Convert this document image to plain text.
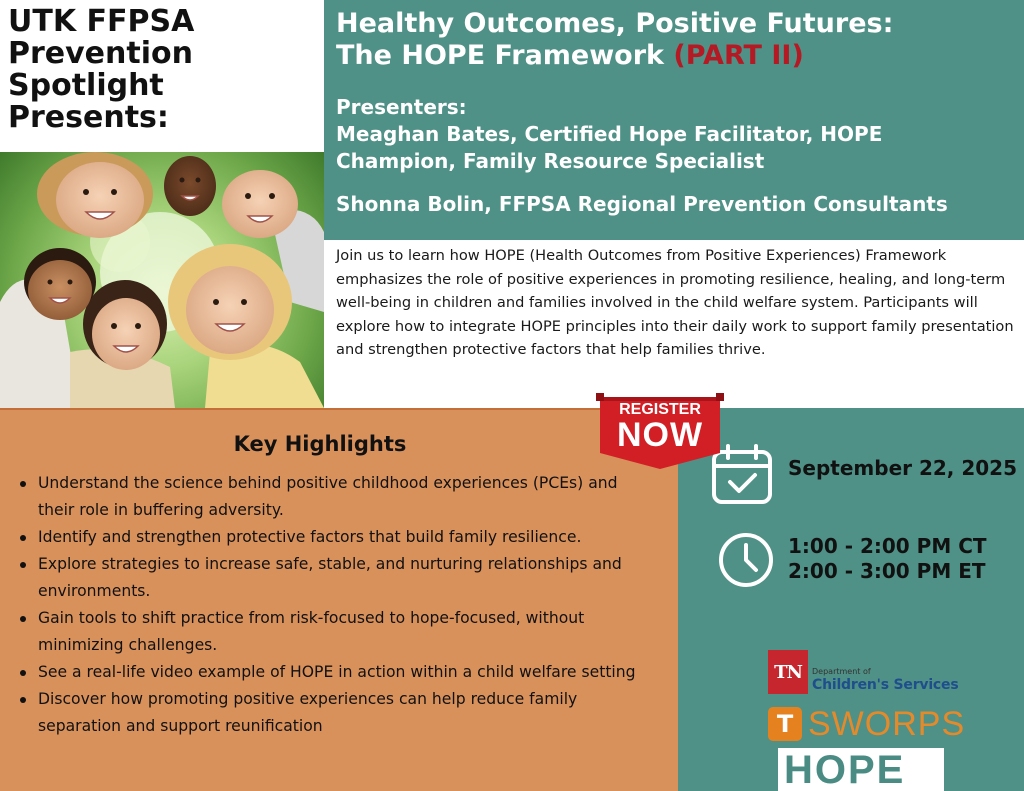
UTK FFPSA
Prevention
Spotlight
Presents:
Healthy Outcomes, Positive Futures:
The HOPE Framework (PART II)
Presenters:
Meaghan Bates, Certified Hope Facilitator, HOPE
Champion, Family Resource Specialist
Shonna Bolin, FFPSA Regional Prevention Consultants
Join us to learn how HOPE (Health Outcomes from Positive Experiences) Framework emphasizes the role of positive experiences in promoting resilience, healing, and long-term well-being in children and families involved in the child welfare system. Participants will explore how to integrate HOPE principles into their daily work to support family presentation and strengthen protective factors that help families thrive.
Key Highlights
Understand the science behind positive childhood experiences (PCEs) and their role in buffering adversity.
Identify and strengthen protective factors that build family resilience.
Explore strategies to increase safe, stable, and nurturing relationships and environments.
Gain tools to shift practice from risk-focused to hope-focused, without minimizing challenges.
See a real-life video example of HOPE in action within a child welfare setting
Discover how promoting positive experiences can help reduce family separation and support reunification
September 22, 2025
1:00 - 2:00 PM CT
2:00 - 3:00 PM ET
TN	Department of
Children's Services
T SWORPS
HOPE
REGISTER
NOW
